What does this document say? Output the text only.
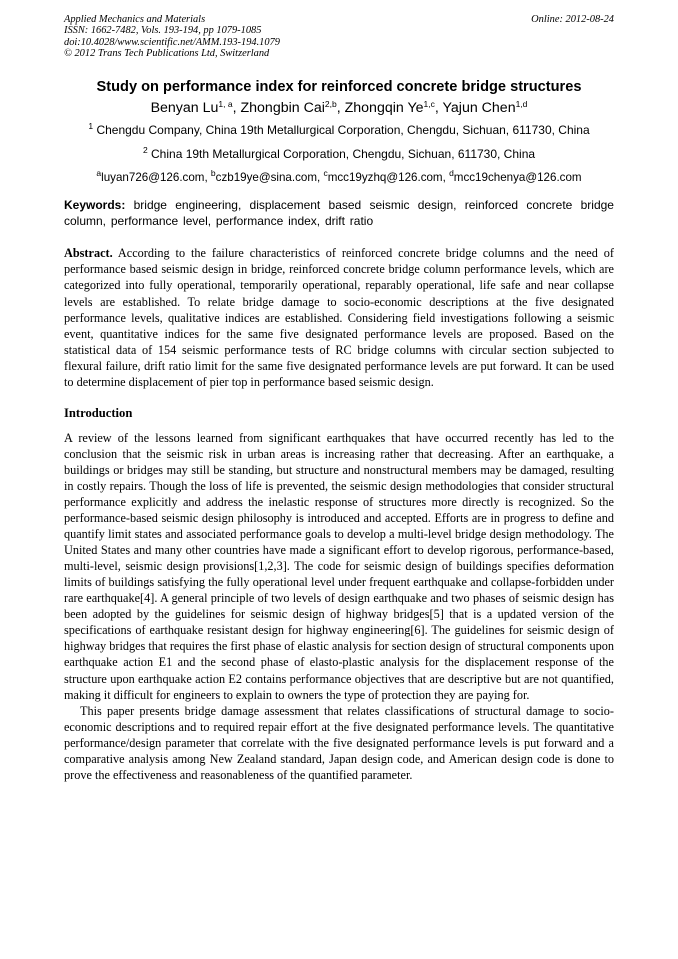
Applied Mechanics and Materials
ISSN: 1662-7482, Vols. 193-194, pp 1079-1085
doi:10.4028/www.scientific.net/AMM.193-194.1079
© 2012 Trans Tech Publications Ltd, Switzerland
Online: 2012-08-24
Study on performance index for reinforced concrete bridge structures
Benyan Lu$^{1, a}$, Zhongbin Cai$^{2,b}$, Zhongqin Ye$^{1,c}$, Yajun Chen$^{1,d}$
$^1$ Chengdu Company, China 19th Metallurgical Corporation, Chengdu, Sichuan, 611730, China
$^2$ China 19th Metallurgical Corporation, Chengdu, Sichuan, 611730, China
$^a$luyan726@126.com, $^b$czb19ye@sina.com, $^c$mcc19yzhq@126.com, $^d$mcc19chenya@126.com
Keywords: bridge engineering, displacement based seismic design, reinforced concrete bridge column, performance level, performance index, drift ratio

Abstract. According to the failure characteristics of reinforced concrete bridge columns and the need of performance based seismic design in bridge, reinforced concrete bridge column performance levels, which are categorized into fully operational, temporarily operational, reparably operational, life safe and near collapse levels are established. To relate bridge damage to socio-economic descriptions at the five designated performance levels, qualitative indices are established. Considering field investigations following a seismic event, quantitative indices for the same five designated performance levels are proposed. Based on the statistical data of 154 seismic performance tests of RC bridge columns with circular section subjected to flexural failure, drift ratio limit for the same five designated performance levels are put forward. It can be used to determine displacement of pier top in performance based seismic design.

Introduction

A review of the lessons learned from significant earthquakes that have occurred recently has led to the conclusion that the seismic risk in urban areas is increasing rather that decreasing. After an earthquake, a buildings or bridges may still be standing, but structure and nonstructural members may be damaged, resulting in costly repairs. Though the loss of life is prevented, the seismic design methodologies that consider structural performance explicitly and address the inelastic response of structures more directly is recognized. So the performance-based seismic design philosophy is introduced and accepted. Efforts are in progress to define and quantify limit states and associated performance goals to develop a multi-level bridge design methodology. The United States and many other countries have made a significant effort to develop rigorous, performance-based, multi-level, seismic design provisions[1,2,3]. The code for seismic design of buildings specifies deformation limits of buildings satisfying the fully operational level under frequent earthquake and collapse-forbidden under rare earthquake[4]. A general principle of two levels of design earthquake and two phases of seismic design has been adopted by the guidelines for seismic design of highway bridges[5] that is a updated version of the specifications of earthquake resistant design for highway engineering[6]. The guidelines for seismic design of highway bridges that requires the first phase of elastic analysis for section design of structural components upon earthquake action E1 and the second phase of elasto-plastic analysis for the displacement response of the structure upon earthquake action E2 contains performance objectives that are descriptive but are not quantified, making it difficult for engineers to explain to owners the type of protection they are paying for.

This paper presents bridge damage assessment that relates classifications of structural damage to socio-economic descriptions and to required repair effort at the five designated performance levels. The quantitative performance/design parameter that correlate with the five designated performance levels is put forward and a comparative analysis among New Zealand standard, Japan design code, and American design code is done to prove the effectiveness and reasonableness of the quantified parameter.
